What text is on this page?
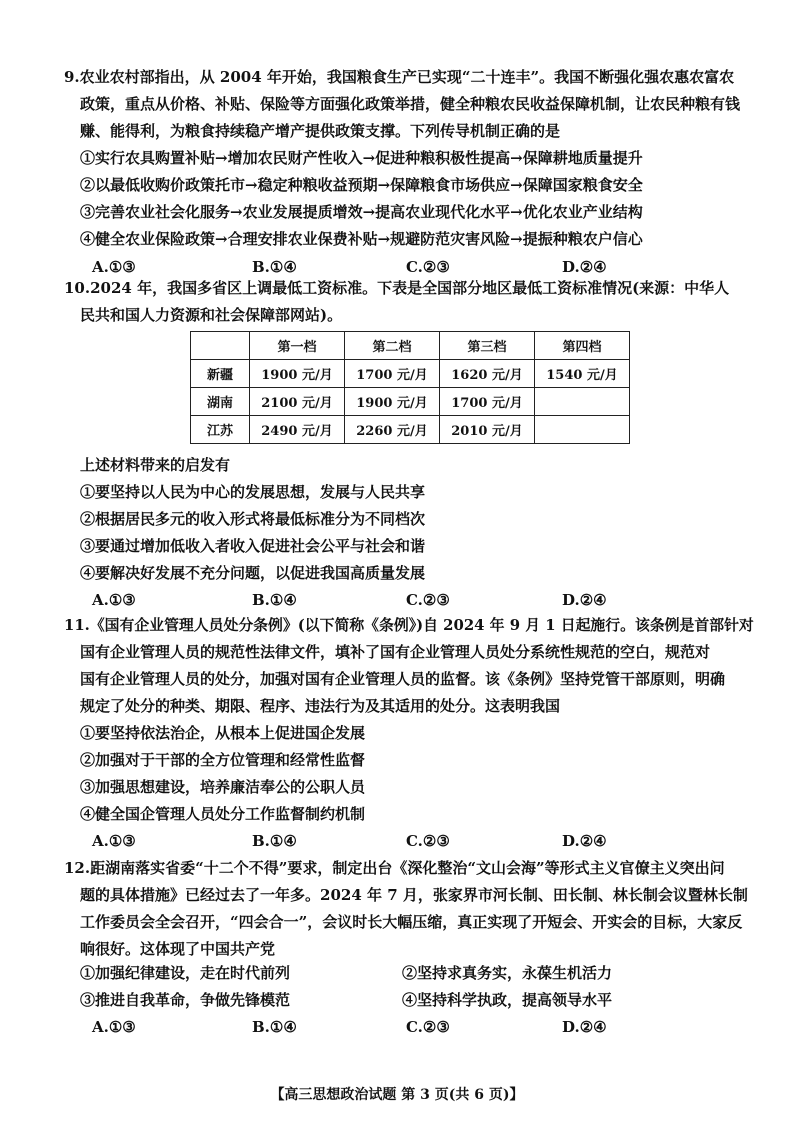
9.农业农村部指出，从 2004 年开始，我国粮食生产已实现“二十连丰”。我国不断强化强农惠农富农
政策，重点从价格、补贴、保险等方面强化政策举措，健全种粮农民收益保障机制，让农民种粮有钱
赚、能得利，为粮食持续稳产增产提供政策支撑。下列传导机制正确的是
①实行农具购置补贴→增加农民财产性收入→促进种粮积极性提高→保障耕地质量提升
②以最低收购价政策托市→稳定种粮收益预期→保障粮食市场供应→保障国家粮食安全
③完善农业社会化服务→农业发展提质增效→提高农业现代化水平→优化农业产业结构
④健全农业保险政策→合理安排农业保费补贴→规避防范灾害风险→提振种粮农户信心
A.①③	B.①④	C.②③	D.②④
10.2024 年，我国多省区上调最低工资标准。下表是全国部分地区最低工资标准情况(来源：中华人
民共和国人力资源和社会保障部网站)。
	第一档	第二档	第三档	第四档
新疆	1900 元/月	1700 元/月	1620 元/月	1540 元/月
湖南	2100 元/月	1900 元/月	1700 元/月	
江苏	2490 元/月	2260 元/月	2010 元/月	
上述材料带来的启发有
①要坚持以人民为中心的发展思想，发展与人民共享
②根据居民多元的收入形式将最低标准分为不同档次
③要通过增加低收入者收入促进社会公平与社会和谐
④要解决好发展不充分问题，以促进我国高质量发展
A.①③	B.①④	C.②③	D.②④
11.《国有企业管理人员处分条例》(以下简称《条例》)自 2024 年 9 月 1 日起施行。该条例是首部针对
国有企业管理人员的规范性法律文件，填补了国有企业管理人员处分系统性规范的空白，规范对
国有企业管理人员的处分，加强对国有企业管理人员的监督。该《条例》坚持党管干部原则，明确
规定了处分的种类、期限、程序、违法行为及其适用的处分。这表明我国
①要坚持依法治企，从根本上促进国企发展
②加强对于干部的全方位管理和经常性监督
③加强思想建设，培养廉洁奉公的公职人员
④健全国企管理人员处分工作监督制约机制
A.①③	B.①④	C.②③	D.②④
12.距湖南落实省委“十二个不得”要求，制定出台《深化整治“文山会海”等形式主义官僚主义突出问
题的具体措施》已经过去了一年多。2024 年 7 月，张家界市河长制、田长制、林长制会议暨林长制
工作委员会全会召开，“四会合一”，会议时长大幅压缩，真正实现了开短会、开实会的目标，大家反
响很好。这体现了中国共产党
①加强纪律建设，走在时代前列	②坚持求真务实，永葆生机活力
③推进自我革命，争做先锋模范	④坚持科学执政，提高领导水平
A.①③	B.①④	C.②③	D.②④
【高三思想政治试题 第 3 页(共 6 页)】
